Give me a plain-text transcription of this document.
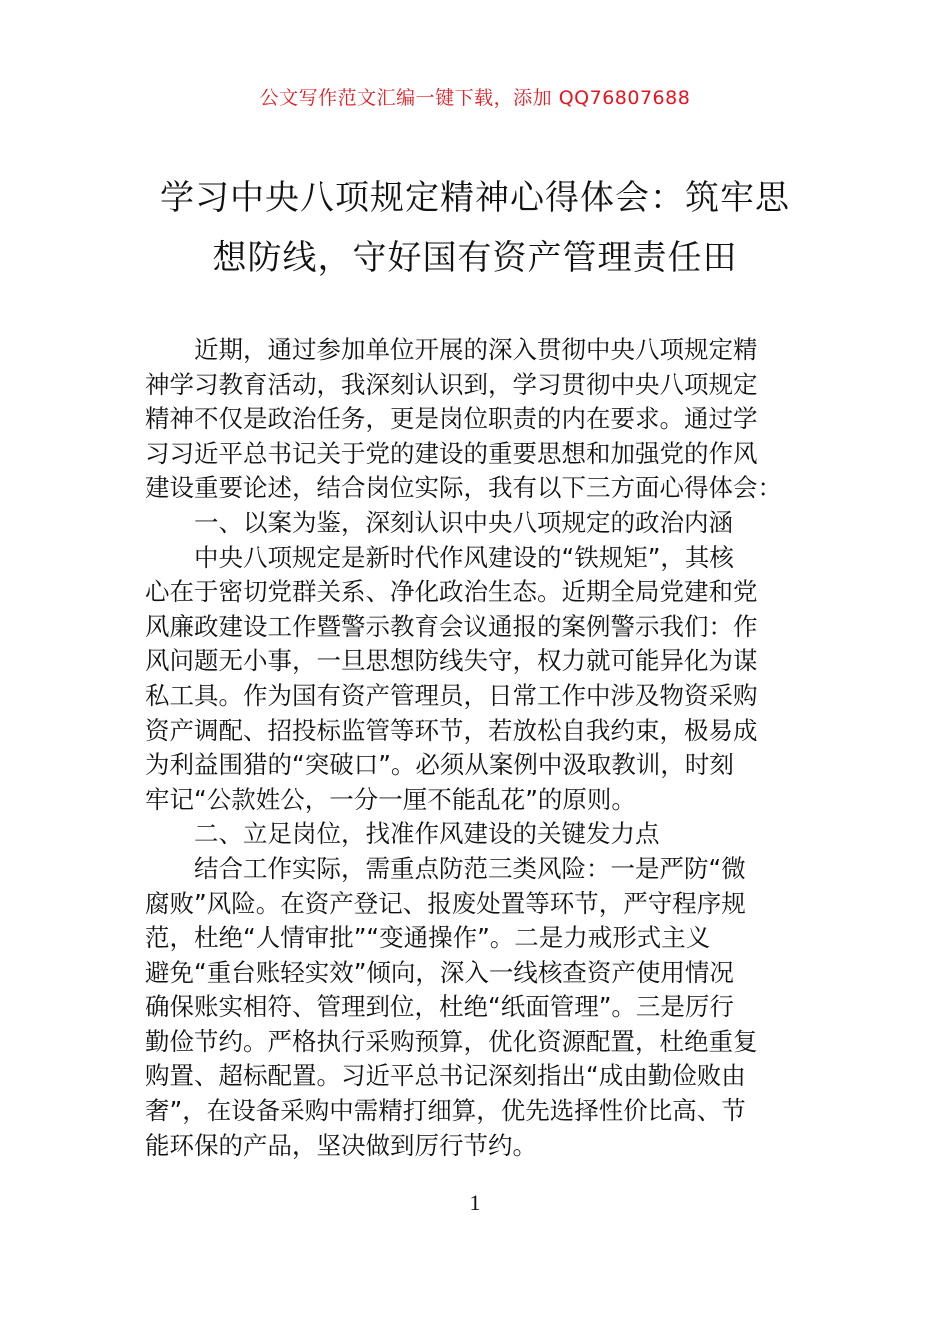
公文写作范文汇编一键下载，添加 QQ76807688
学习中央八项规定精神心得体会：筑牢思
想防线，守好国有资产管理责任田
近期，通过参加单位开展的深入贯彻中央八项规定精
神学习教育活动，我深刻认识到，学习贯彻中央八项规定
精神不仅是政治任务，更是岗位职责的内在要求。通过学
习习近平总书记关于党的建设的重要思想和加强党的作风
建设重要论述，结合岗位实际，我有以下三方面心得体会：
一、以案为鉴，深刻认识中央八项规定的政治内涵
中央八项规定是新时代作风建设的“铁规矩”，其核
心在于密切党群关系、净化政治生态。近期全局党建和党
风廉政建设工作暨警示教育会议通报的案例警示我们：作
风问题无小事，一旦思想防线失守，权力就可能异化为谋
私工具。作为国有资产管理员，日常工作中涉及物资采购
资产调配、招投标监管等环节，若放松自我约束，极易成
为利益围猎的“突破口”。必须从案例中汲取教训，时刻
牢记“公款姓公，一分一厘不能乱花”的原则。
二、立足岗位，找准作风建设的关键发力点
结合工作实际，需重点防范三类风险：一是严防“微
腐败”风险。在资产登记、报废处置等环节，严守程序规
范，杜绝“人情审批”“变通操作”。二是力戒形式主义
避免“重台账轻实效”倾向，深入一线核查资产使用情况
确保账实相符、管理到位，杜绝“纸面管理”。三是厉行
勤俭节约。严格执行采购预算，优化资源配置，杜绝重复
购置、超标配置。习近平总书记深刻指出“成由勤俭败由
奢”，在设备采购中需精打细算，优先选择性价比高、节
能环保的产品，坚决做到厉行节约。
1
